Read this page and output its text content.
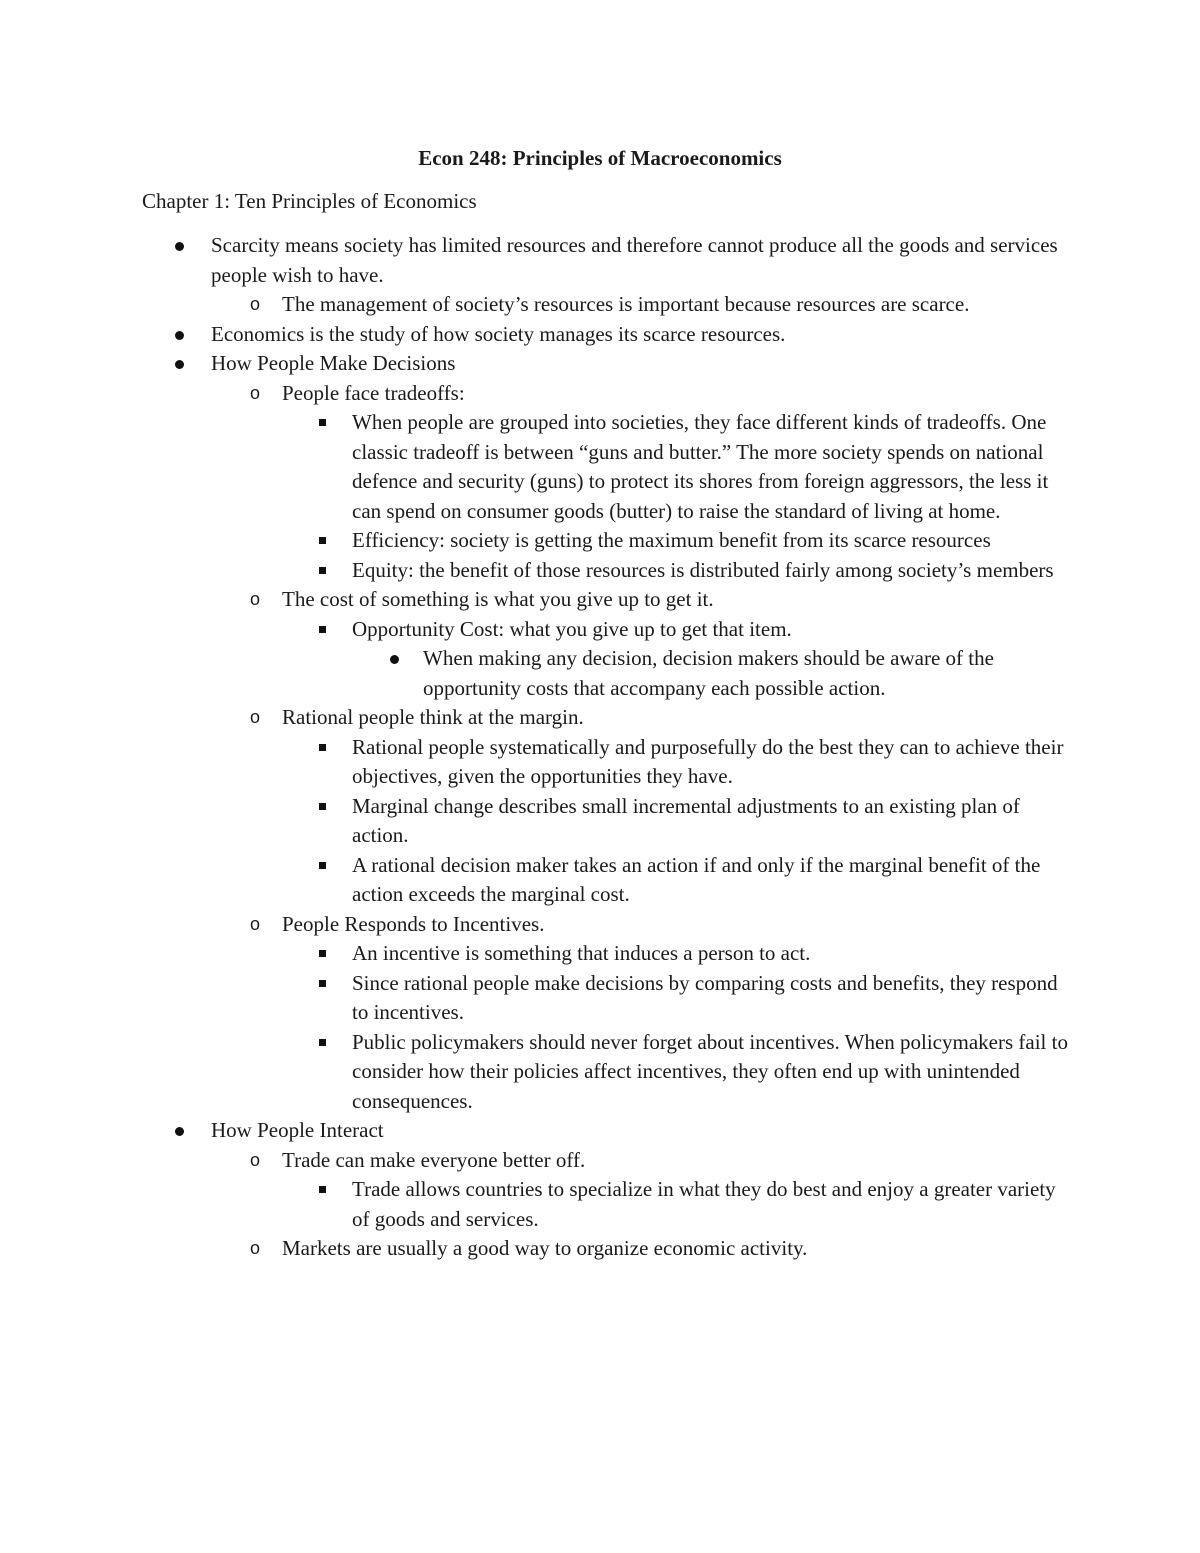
Econ 248: Principles of Macroeconomics
Chapter 1: Ten Principles of Economics
Scarcity means society has limited resources and therefore cannot produce all the goods and services people wish to have.
o The management of society’s resources is important because resources are scarce.
Economics is the study of how society manages its scarce resources.
How People Make Decisions
o People face tradeoffs:
When people are grouped into societies, they face different kinds of tradeoffs. One classic tradeoff is between “guns and butter.” The more society spends on national defence and security (guns) to protect its shores from foreign aggressors, the less it can spend on consumer goods (butter) to raise the standard of living at home.
Efficiency: society is getting the maximum benefit from its scarce resources
Equity: the benefit of those resources is distributed fairly among society’s members
o The cost of something is what you give up to get it.
Opportunity Cost: what you give up to get that item.
When making any decision, decision makers should be aware of the opportunity costs that accompany each possible action.
o Rational people think at the margin.
Rational people systematically and purposefully do the best they can to achieve their objectives, given the opportunities they have.
Marginal change describes small incremental adjustments to an existing plan of action.
A rational decision maker takes an action if and only if the marginal benefit of the action exceeds the marginal cost.
o People Responds to Incentives.
An incentive is something that induces a person to act.
Since rational people make decisions by comparing costs and benefits, they respond to incentives.
Public policymakers should never forget about incentives. When policymakers fail to consider how their policies affect incentives, they often end up with unintended consequences.
How People Interact
o Trade can make everyone better off.
Trade allows countries to specialize in what they do best and enjoy a greater variety of goods and services.
o Markets are usually a good way to organize economic activity.
